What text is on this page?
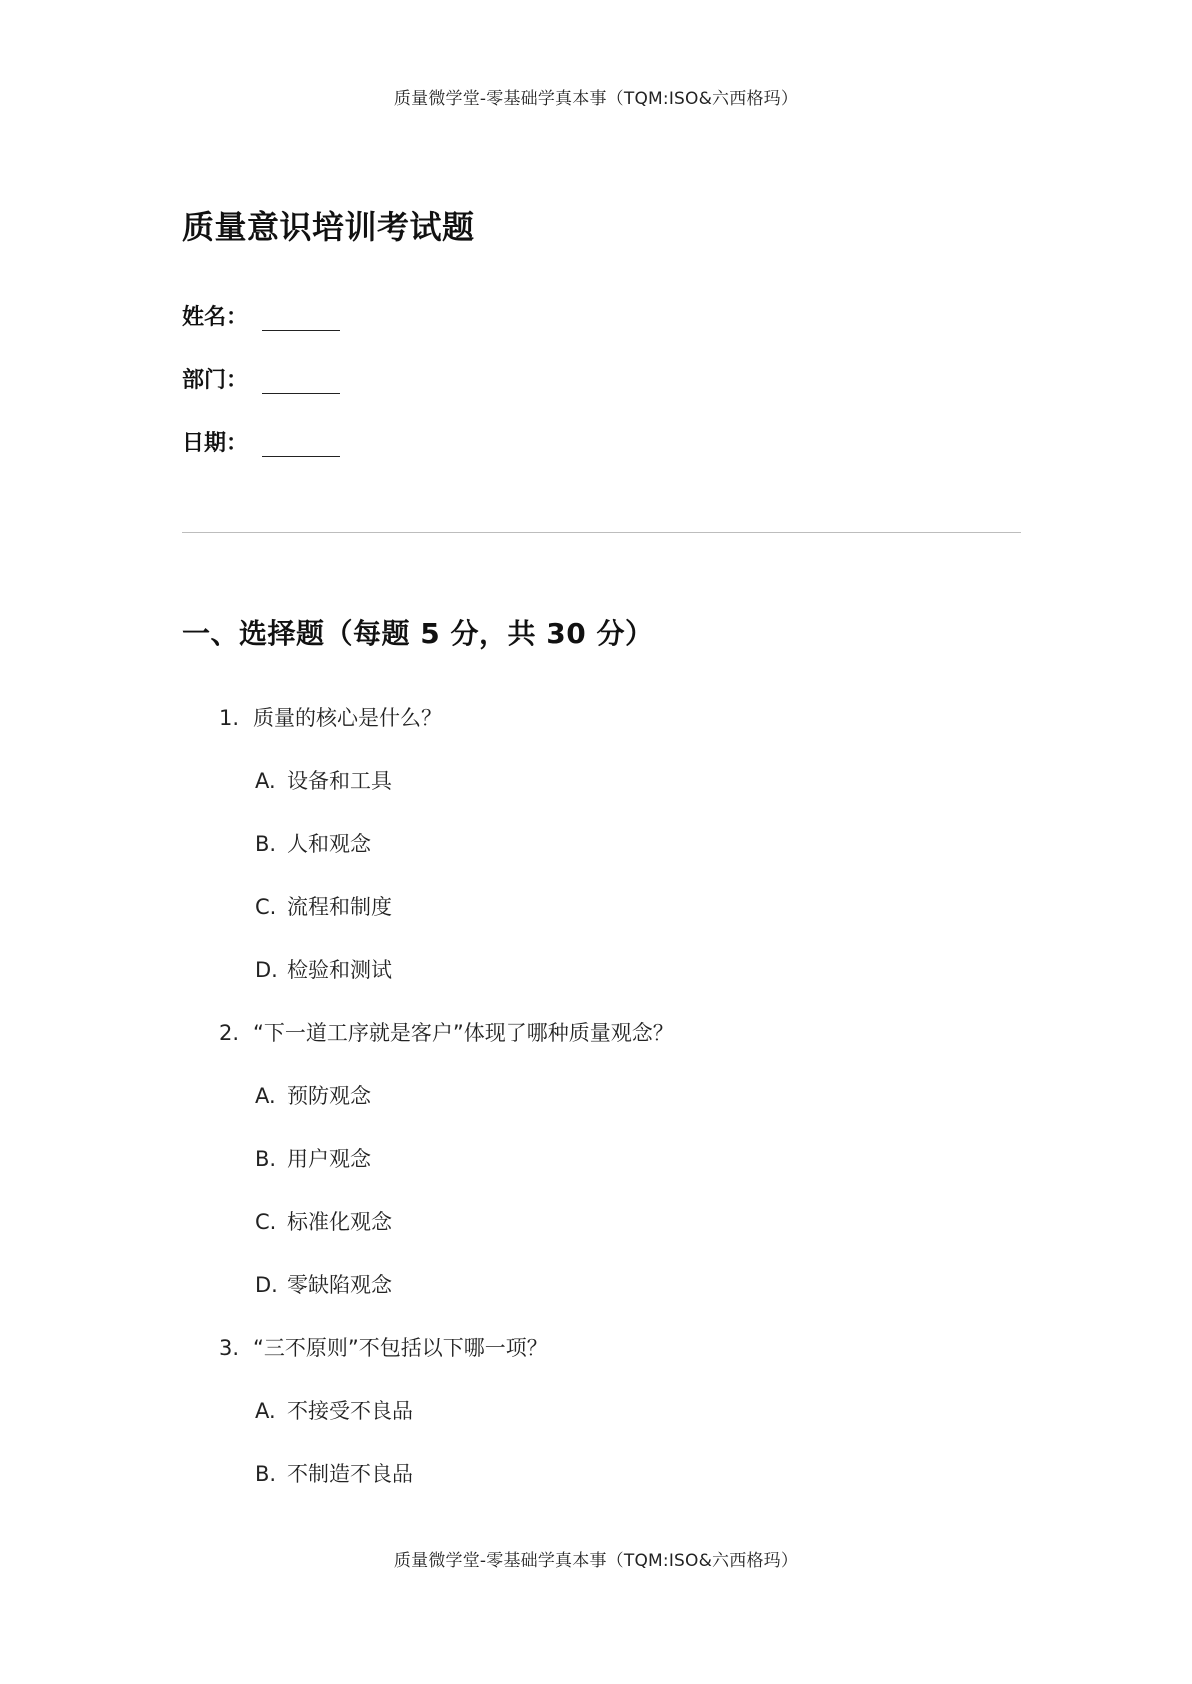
质量微学堂-零基础学真本事（TQM:ISO&六西格玛）
质量意识培训考试题
姓名：
部门：
日期：
一、选择题（每题 5 分，共 30 分）
1. 质量的核心是什么？
A. 设备和工具
B. 人和观念
C. 流程和制度
D. 检验和测试
2. “下一道工序就是客户”体现了哪种质量观念？
A. 预防观念
B. 用户观念
C. 标准化观念
D. 零缺陷观念
3. “三不原则”不包括以下哪一项？
A. 不接受不良品
B. 不制造不良品
质量微学堂-零基础学真本事（TQM:ISO&六西格玛）
